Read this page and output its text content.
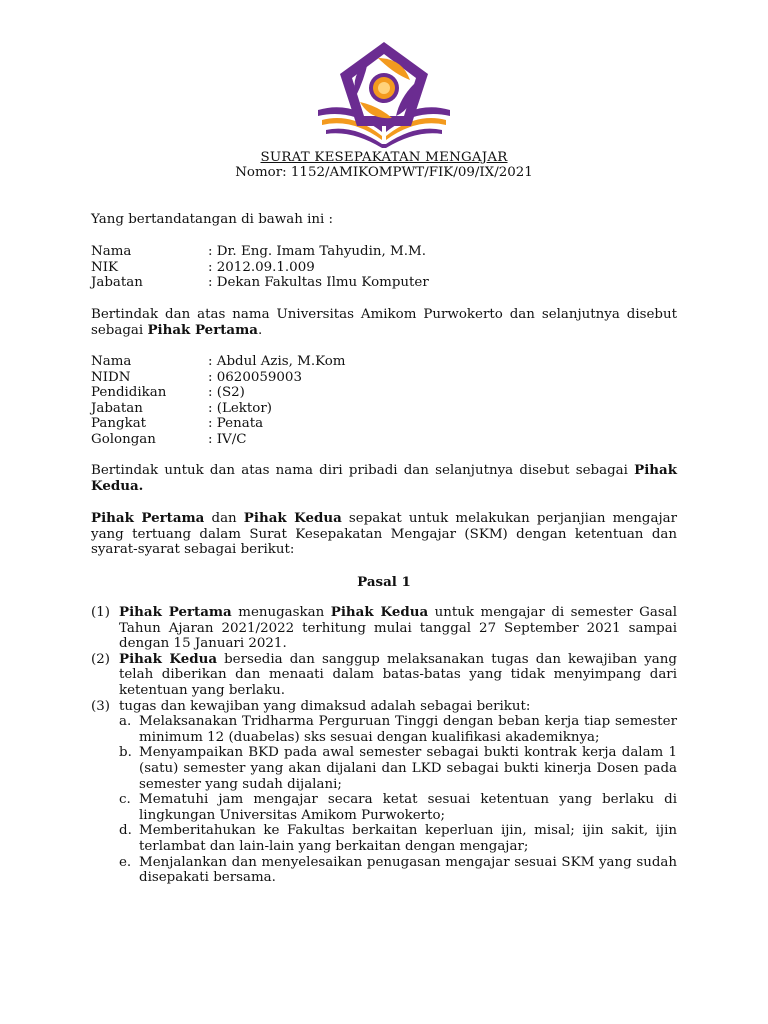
SURAT KESEPAKATAN MENGAJAR
Nomor: 1152/AMIKOMPWT/FIK/09/IX/2021
Yang bertandatangan di bawah ini :
Nama	: Dr. Eng. Imam Tahyudin, M.M.
NIK	: 2012.09.1.009
Jabatan	: Dekan Fakultas Ilmu Komputer
Bertindak dan atas nama Universitas Amikom Purwokerto dan selanjutnya disebut sebagai Pihak Pertama.
Nama	: Abdul Azis, M.Kom
NIDN	: 0620059003
Pendidikan	: (S2)
Jabatan	: (Lektor)
Pangkat	: Penata
Golongan	: IV/C
Bertindak untuk dan atas nama diri pribadi dan selanjutnya disebut sebagai Pihak Kedua.
Pihak Pertama dan Pihak Kedua sepakat untuk melakukan perjanjian mengajar yang tertuang dalam Surat Kesepakatan Mengajar (SKM) dengan ketentuan dan syarat-syarat sebagai berikut:
Pasal 1
(1) Pihak Pertama menugaskan Pihak Kedua untuk mengajar di semester Gasal Tahun Ajaran 2021/2022 terhitung mulai tanggal 27 September 2021 sampai dengan 15 Januari 2021.
(2) Pihak Kedua bersedia dan sanggup melaksanakan tugas dan kewajiban yang telah diberikan dan menaati dalam batas-batas yang tidak menyimpang dari ketentuan yang berlaku.
(3) tugas dan kewajiban yang dimaksud adalah sebagai berikut:
a. Melaksanakan Tridharma Perguruan Tinggi dengan beban kerja tiap semester minimum 12 (duabelas) sks sesuai dengan kualifikasi akademiknya;
b. Menyampaikan BKD pada awal semester sebagai bukti kontrak kerja dalam 1 (satu) semester yang akan dijalani dan LKD sebagai bukti kinerja Dosen pada semester yang sudah dijalani;
c. Mematuhi jam mengajar secara ketat sesuai ketentuan yang berlaku di lingkungan Universitas Amikom Purwokerto;
d. Memberitahukan ke Fakultas berkaitan keperluan ijin, misal; ijin sakit, ijin terlambat dan lain-lain yang berkaitan dengan mengajar;
e. Menjalankan dan menyelesaikan penugasan mengajar sesuai SKM yang sudah disepakati bersama.
